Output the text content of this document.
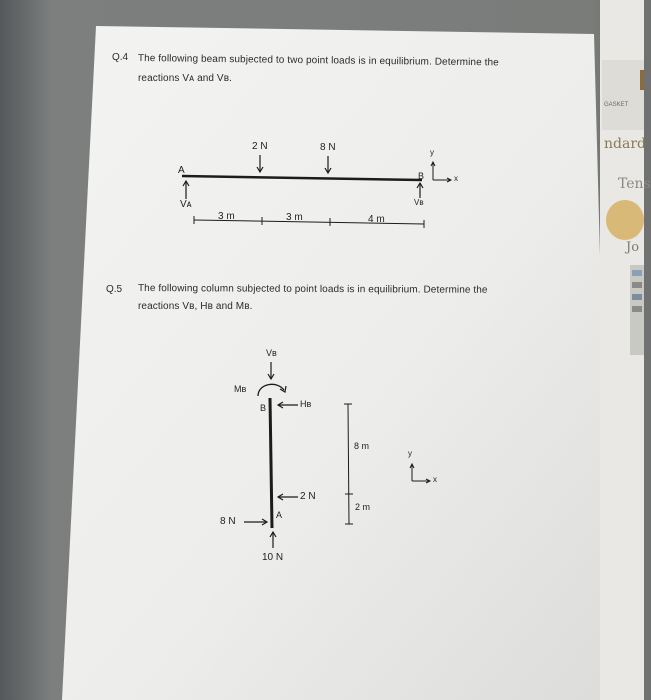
GASKET
ndard
Tens
Jo
Q.4 The following beam subjected to two point loads is in equilibrium. Determine the
reactions Vᴀ and Vʙ.
2 N	8 N
A	B
Vᴀ	Vʙ
y
x
3 m	3 m	4 m
Q.5 The following column subjected to point loads is in equilibrium. Determine the
reactions Vʙ, Hʙ and Mʙ.
Vʙ
Mʙ
B	Hʙ
2 N
A
8 N
10 N
8 m
2 m
y
x
